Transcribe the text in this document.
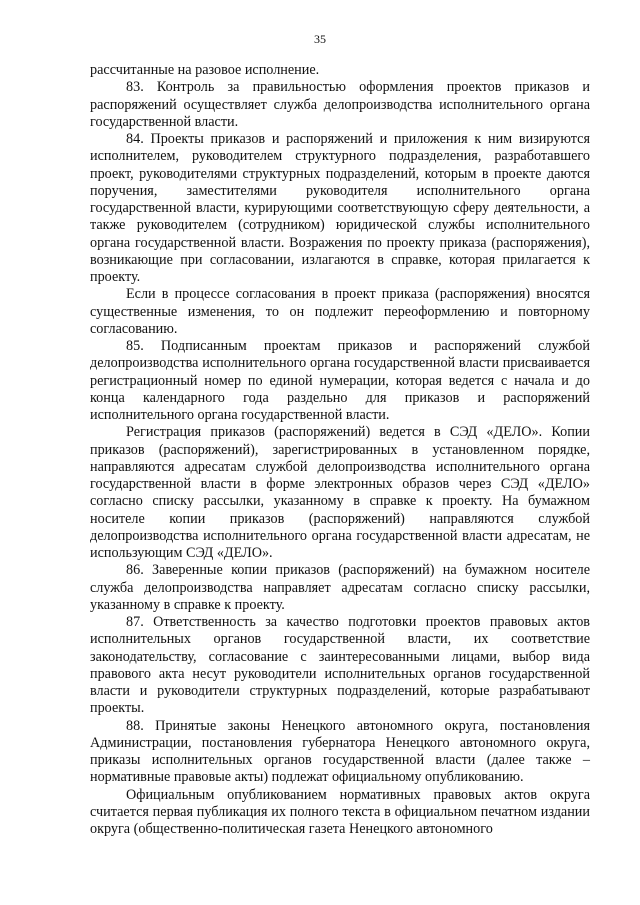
35

рассчитанные на разовое исполнение.

83. Контроль за правильностью оформления проектов приказов и распоряжений осуществляет служба делопроизводства исполнительного органа государственной власти.

84. Проекты приказов и распоряжений и приложения к ним визируются исполнителем, руководителем структурного подразделения, разработавшего проект, руководителями структурных подразделений, которым в проекте даются поручения, заместителями руководителя исполнительного органа государственной власти, курирующими соответствующую сферу деятельности, а также руководителем (сотрудником) юридической службы исполнительного органа государственной власти. Возражения по проекту приказа (распоряжения), возникающие при согласовании, излагаются в справке, которая прилагается к проекту.

Если в процессе согласования в проект приказа (распоряжения) вносятся существенные изменения, то он подлежит переоформлению и повторному согласованию.

85. Подписанным проектам приказов и распоряжений службой делопроизводства исполнительного органа государственной власти присваивается регистрационный номер по единой нумерации, которая ведется с начала и до конца календарного года раздельно для приказов и распоряжений исполнительного органа государственной власти.

Регистрация приказов (распоряжений) ведется в СЭД «ДЕЛО». Копии приказов (распоряжений), зарегистрированных в установленном порядке, направляются адресатам службой делопроизводства исполнительного органа государственной власти в форме электронных образов через СЭД «ДЕЛО» согласно списку рассылки, указанному в справке к проекту. На бумажном носителе копии приказов (распоряжений) направляются службой делопроизводства исполнительного органа государственной власти адресатам, не использующим СЭД «ДЕЛО».

86. Заверенные копии приказов (распоряжений) на бумажном носителе служба делопроизводства направляет адресатам согласно списку рассылки, указанному в справке к проекту.

87. Ответственность за качество подготовки проектов правовых актов исполнительных органов государственной власти, их соответствие законодательству, согласование с заинтересованными лицами, выбор вида правового акта несут руководители исполнительных органов государственной власти и руководители структурных подразделений, которые разрабатывают проекты.

88. Принятые законы Ненецкого автономного округа, постановления Администрации, постановления губернатора Ненецкого автономного округа, приказы исполнительных органов государственной власти (далее также – нормативные правовые акты) подлежат официальному опубликованию.

Официальным опубликованием нормативных правовых актов округа считается первая публикация их полного текста в официальном печатном издании округа (общественно-политическая газета Ненецкого автономного
